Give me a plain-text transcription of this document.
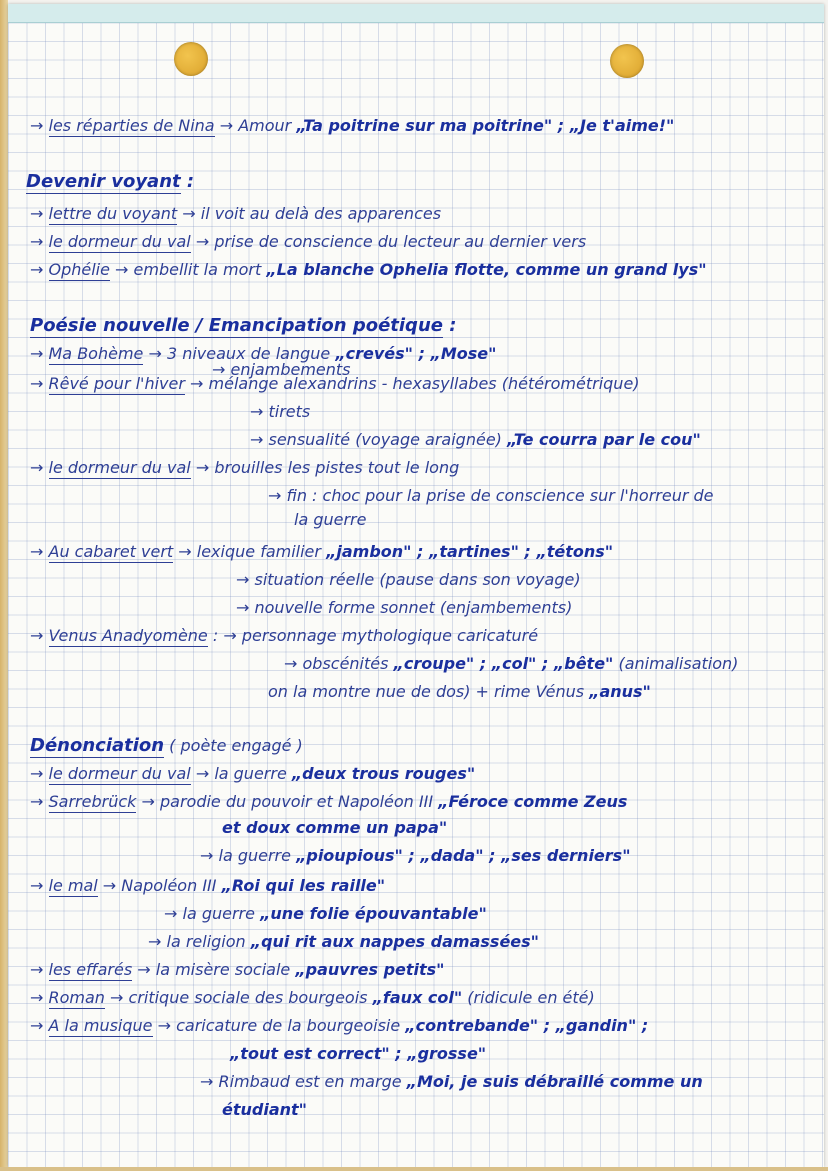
→ les réparties de Nina → Amour „Ta poitrine sur ma poitrine" ; „Je t'aime!"
Devenir voyant :
→ lettre du voyant → il voit au delà des apparences
→ le dormeur du val → prise de conscience du lecteur au dernier vers
→ Ophélie → embellit la mort „La blanche Ophelia flotte, comme un grand lys"
Poésie nouvelle / Emancipation poétique :
→ Ma Bohème → 3 niveaux de langue „crevés" ; „Mose"
→ enjambements
→ Rêvé pour l'hiver → mélange alexandrins - hexasyllabes (hétérométrique)
→ tirets
→ sensualité (voyage araignée) „Te courra par le cou"
→ le dormeur du val → brouilles les pistes tout le long
→ fin : choc pour la prise de conscience sur l'horreur de
la guerre
→ Au cabaret vert → lexique familier „jambon" ; „tartines" ; „tétons"
→ situation réelle (pause dans son voyage)
→ nouvelle forme sonnet (enjambements)
→ Venus Anadyomène : → personnage mythologique caricaturé
→ obscénités „croupe" ; „col" ; „bête" (animalisation)
on la montre nue de dos) + rime Vénus „anus"
Dénonciation ( poète engagé )
→ le dormeur du val → la guerre „deux trous rouges"
→ Sarrebrück → parodie du pouvoir et Napoléon III „Féroce comme Zeus
et doux comme un papa"
→ la guerre „pioupious" ; „dada" ; „ses derniers"
→ le mal → Napoléon III „Roi qui les raille"
→ la guerre „une folie épouvantable"
→ la religion „qui rit aux nappes damassées"
→ les effarés → la misère sociale „pauvres petits"
→ Roman → critique sociale des bourgeois „faux col" (ridicule en été)
→ A la musique → caricature de la bourgeoisie „contrebande" ; „gandin" ;
„tout est correct" ; „grosse"
→ Rimbaud est en marge „Moi, je suis débraillé comme un
étudiant"
